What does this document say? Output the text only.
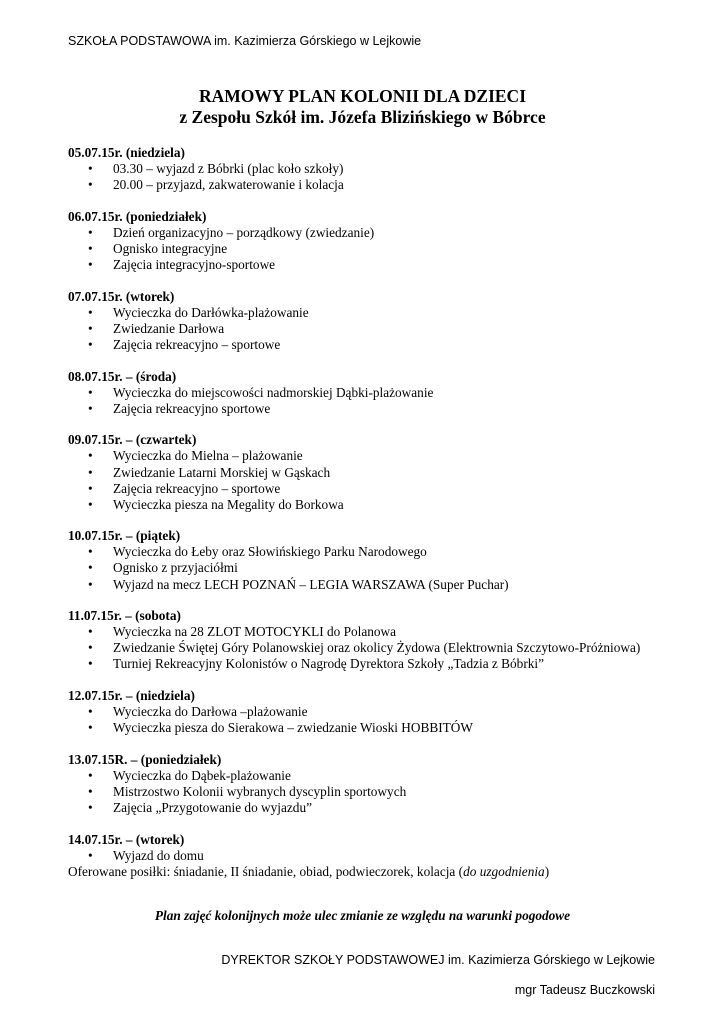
SZKOŁA PODSTAWOWA im. Kazimierza Górskiego w Lejkowie
RAMOWY PLAN KOLONII DLA DZIECI
z Zespołu Szkół im. Józefa Blizińskiego w Bóbrce
05.07.15r. (niedziela)
• 03.30 – wyjazd z Bóbrki (plac koło szkoły)
• 20.00 – przyjazd, zakwaterowanie i kolacja
06.07.15r. (poniedziałek)
• Dzień organizacyjno – porządkowy (zwiedzanie)
• Ognisko integracyjne
• Zajęcia integracyjno-sportowe
07.07.15r. (wtorek)
• Wycieczka do Darłówka-plażowanie
• Zwiedzanie Darłowa
• Zajęcia rekreacyjno – sportowe
08.07.15r. – (środa)
• Wycieczka do miejscowości nadmorskiej Dąbki-plażowanie
• Zajęcia rekreacyjno sportowe
09.07.15r. – (czwartek)
• Wycieczka do Mielna – plażowanie
• Zwiedzanie Latarni Morskiej w Gąskach
• Zajęcia rekreacyjno – sportowe
• Wycieczka piesza na Megality do Borkowa
10.07.15r. – (piątek)
• Wycieczka do Łeby oraz Słowińskiego Parku Narodowego
• Ognisko z przyjaciółmi
• Wyjazd na mecz LECH POZNAŃ – LEGIA WARSZAWA (Super Puchar)
11.07.15r. – (sobota)
• Wycieczka na 28 ZLOT MOTOCYKLI do Polanowa
• Zwiedzanie Świętej Góry Polanowskiej oraz okolicy Żydowa (Elektrownia Szczytowo-Próżniowa)
• Turniej Rekreacyjny Kolonistów o Nagrodę Dyrektora Szkoły „Tadzia z Bóbrki”
12.07.15r. – (niedziela)
• Wycieczka do Darłowa –plażowanie
• Wycieczka piesza do Sierakowa – zwiedzanie Wioski HOBBITÓW
13.07.15R. – (poniedziałek)
• Wycieczka do Dąbek-plażowanie
• Mistrzostwo Kolonii wybranych dyscyplin sportowych
• Zajęcia „Przygotowanie do wyjazdu”
14.07.15r. – (wtorek)
• Wyjazd do domu
Oferowane posiłki: śniadanie, II śniadanie, obiad, podwieczorek, kolacja (do uzgodnienia)
Plan zajęć kolonijnych może ulec zmianie ze względu na warunki pogodowe
DYREKTOR SZKOŁY PODSTAWOWEJ im. Kazimierza Górskiego w Lejkowie
mgr Tadeusz Buczkowski
